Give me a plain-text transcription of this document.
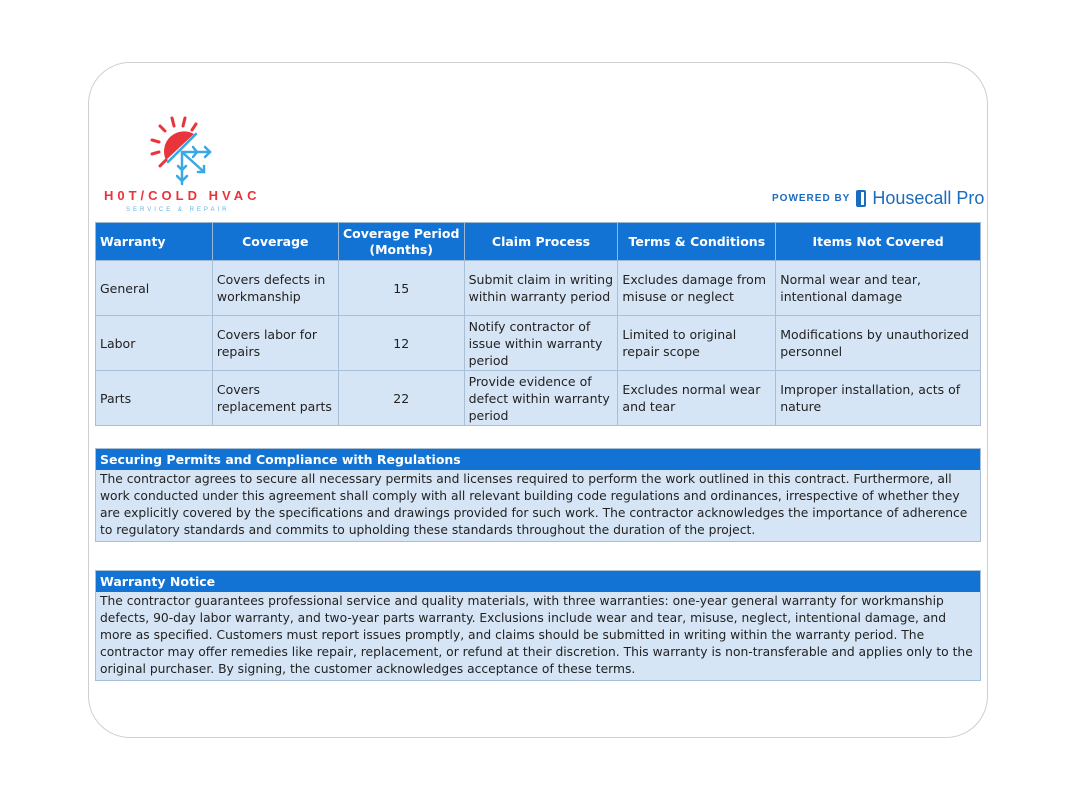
H0T/COLD HVAC
SERVICE & REPAIR
POWERED BY Housecall Pro
Warranty	Coverage	Coverage Period (Months)	Claim Process	Terms & Conditions	Items Not Covered
General	Covers defects in workmanship	15	Submit claim in writing within warranty period	Excludes damage from misuse or neglect	Normal wear and tear, intentional damage
Labor	Covers labor for repairs	12	Notify contractor of issue within warranty period	Limited to original repair scope	Modifications by unauthorized personnel
Parts	Covers replacement parts	22	Provide evidence of defect within warranty period	Excludes normal wear and tear	Improper installation, acts of nature
Securing Permits and Compliance with Regulations
The contractor agrees to secure all necessary permits and licenses required to perform the work outlined in this contract. Furthermore, all work conducted under this agreement shall comply with all relevant building code regulations and ordinances, irrespective of whether they are explicitly covered by the specifications and drawings provided for such work. The contractor acknowledges the importance of adherence to regulatory standards and commits to upholding these standards throughout the duration of the project.
Warranty Notice
The contractor guarantees professional service and quality materials, with three warranties: one-year general warranty for workmanship defects, 90-day labor warranty, and two-year parts warranty. Exclusions include wear and tear, misuse, neglect, intentional damage, and more as specified. Customers must report issues promptly, and claims should be submitted in writing within the warranty period. The contractor may offer remedies like repair, replacement, or refund at their discretion. This warranty is non-transferable and applies only to the original purchaser. By signing, the customer acknowledges acceptance of these terms.
